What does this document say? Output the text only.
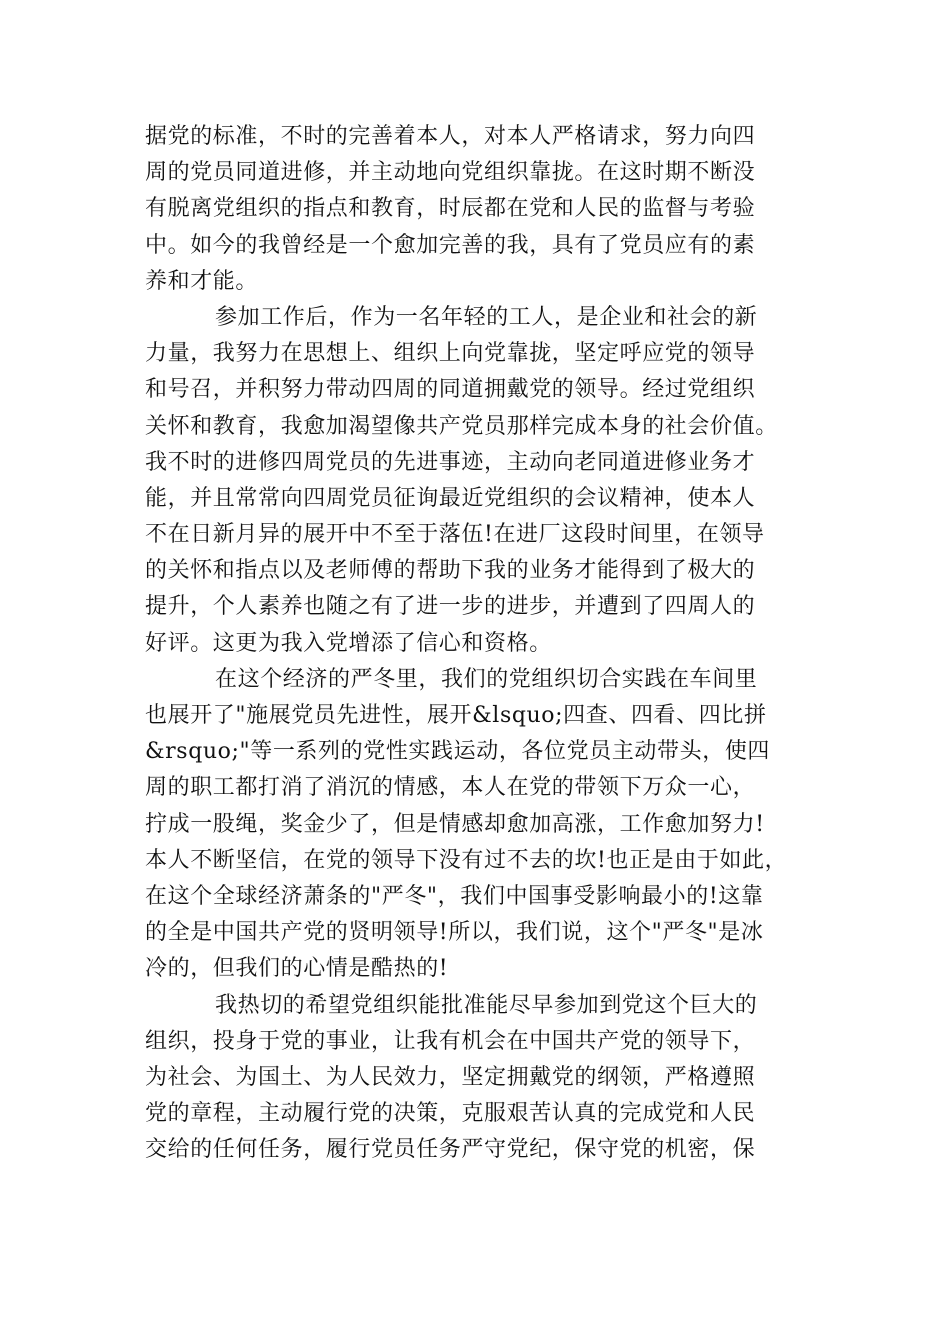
据党的标准，不时的完善着本人，对本人严格请求，努力向四
周的党员同道进修，并主动地向党组织靠拢。在这时期不断没
有脱离党组织的指点和教育，时辰都在党和人民的监督与考验
中。如今的我曾经是一个愈加完善的我，具有了党员应有的素
养和才能。
参加工作后，作为一名年轻的工人，是企业和社会的新
力量，我努力在思想上、组织上向党靠拢，坚定呼应党的领导
和号召，并积努力带动四周的同道拥戴党的领导。经过党组织
关怀和教育，我愈加渴望像共产党员那样完成本身的社会价值。
我不时的进修四周党员的先进事迹，主动向老同道进修业务才
能，并且常常向四周党员征询最近党组织的会议精神，使本人
不在日新月异的展开中不至于落伍!在进厂这段时间里，在领导
的关怀和指点以及老师傅的帮助下我的业务才能得到了极大的
提升，个人素养也随之有了进一步的进步，并遭到了四周人的
好评。这更为我入党增添了信心和资格。
在这个经济的严冬里，我们的党组织切合实践在车间里
也展开了"施展党员先进性，展开&lsquo;四查、四看、四比拼
&rsquo;"等一系列的党性实践运动，各位党员主动带头，使四
周的职工都打消了消沉的情感，本人在党的带领下万众一心，
拧成一股绳，奖金少了，但是情感却愈加高涨，工作愈加努力!
本人不断坚信，在党的领导下没有过不去的坎!也正是由于如此，
在这个全球经济萧条的"严冬"，我们中国事受影响最小的!这靠
的全是中国共产党的贤明领导!所以，我们说，这个"严冬"是冰
冷的，但我们的心情是酷热的!
我热切的希望党组织能批准能尽早参加到党这个巨大的
组织，投身于党的事业，让我有机会在中国共产党的领导下，
为社会、为国土、为人民效力，坚定拥戴党的纲领，严格遵照
党的章程，主动履行党的决策，克服艰苦认真的完成党和人民
交给的任何任务，履行党员任务严守党纪，保守党的机密，保
